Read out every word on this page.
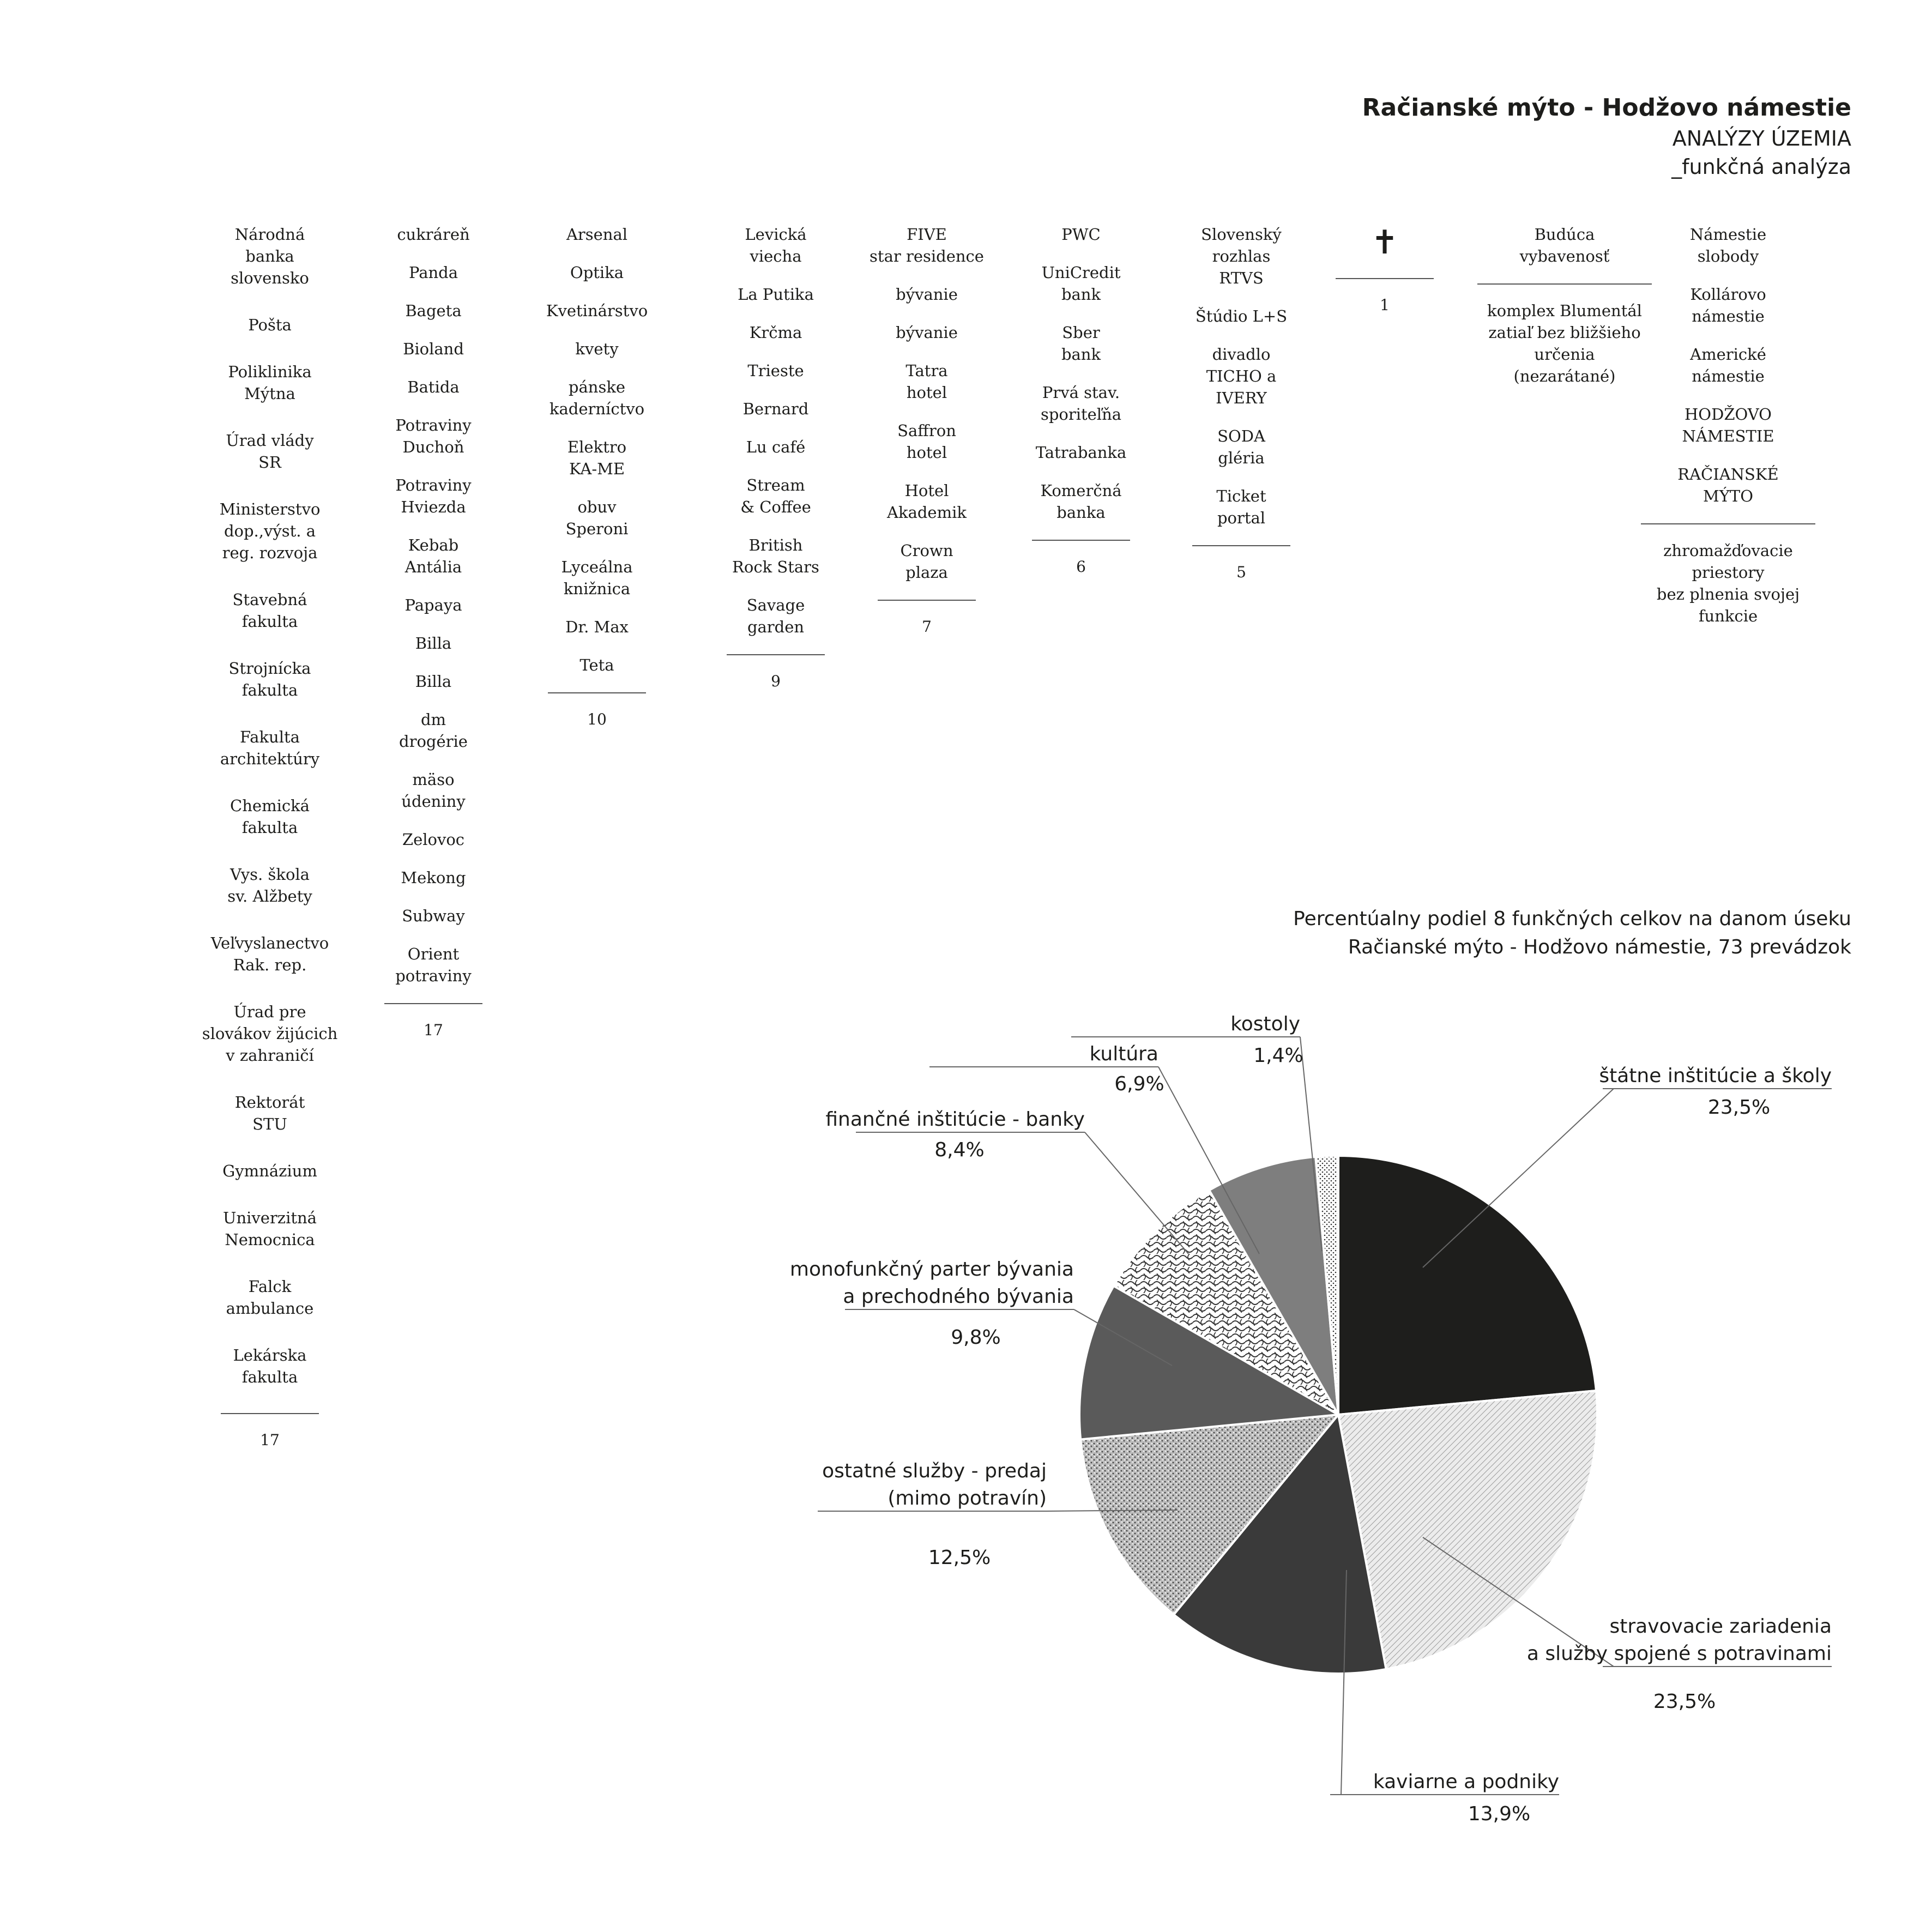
Račianské mýto - Hodžovo námestie
ANALÝZY ÚZEMIA
_funkčná analýza
Národná
banka
slovensko
Pošta
Poliklinika
Mýtna
Úrad vlády
SR
Ministerstvo
dop.,výst. a
reg. rozvoja
Stavebná
fakulta
Strojnícka
fakulta
Fakulta
architektúry
Chemická
fakulta
Vys. škola
sv. Alžbety
Veľvyslanectvo
Rak. rep.
Úrad pre
slovákov žijúcich
v zahraničí
Rektorát
STU
Gymnázium
Univerzitná
Nemocnica
Falck
ambulance
Lekárska
fakulta
17
cukráreň
Panda
Bageta
Bioland
Batida
Potraviny
Duchoň
Potraviny
Hviezda
Kebab
Antália
Papaya
Billa
Billa
dm
drogérie
mäso
údeniny
Zelovoc
Mekong
Subway
Orient
potraviny
17
Arsenal
Optika
Kvetinárstvo
kvety
pánske
kaderníctvo
Elektro
KA-ME
obuv
Speroni
Lyceálna
knižnica
Dr. Max
Teta
10
Levická
viecha
La Putika
Krčma
Trieste
Bernard
Lu café
Stream
& Coffee
British
Rock Stars
Savage
garden
9
FIVE
star residence
bývanie
bývanie
Tatra
hotel
Saffron
hotel
Hotel
Akademik
Crown
plaza
7
PWC
UniCredit
bank
Sber
bank
Prvá stav.
sporiteľňa
Tatrabanka
Komerčná
banka
6
Slovenský
rozhlas
RTVS
Štúdio L+S
divadlo
TICHO a
IVERY
SODA
gléria
Ticket
portal
5
✝
1
Budúca
vybavenosť
komplex Blumentál
zatiaľ bez bližšieho určenia
(nezarátané)
Námestie
slobody
Kollárovo
námestie
Americké
námestie
HODŽOVO
NÁMESTIE
RAČIANSKÉ
MÝTO
zhromažďovacie priestory
bez plnenia svojej funkcie
Percentúalny podiel 8 funkčných celkov na danom úseku
Račianské mýto - Hodžovo námestie, 73 prevádzok
štátne inštitúcie a školy
23,5%
stravovacie zariadenia
a služby spojené s potravinami
23,5%
kaviarne a podniky
13,9%
ostatné služby - predaj
(mimo potravín)
12,5%
monofunkčný parter bývania
a prechodného bývania
9,8%
finančné inštitúcie - banky
8,4%
kultúra
6,9%
kostoly
1,4%
